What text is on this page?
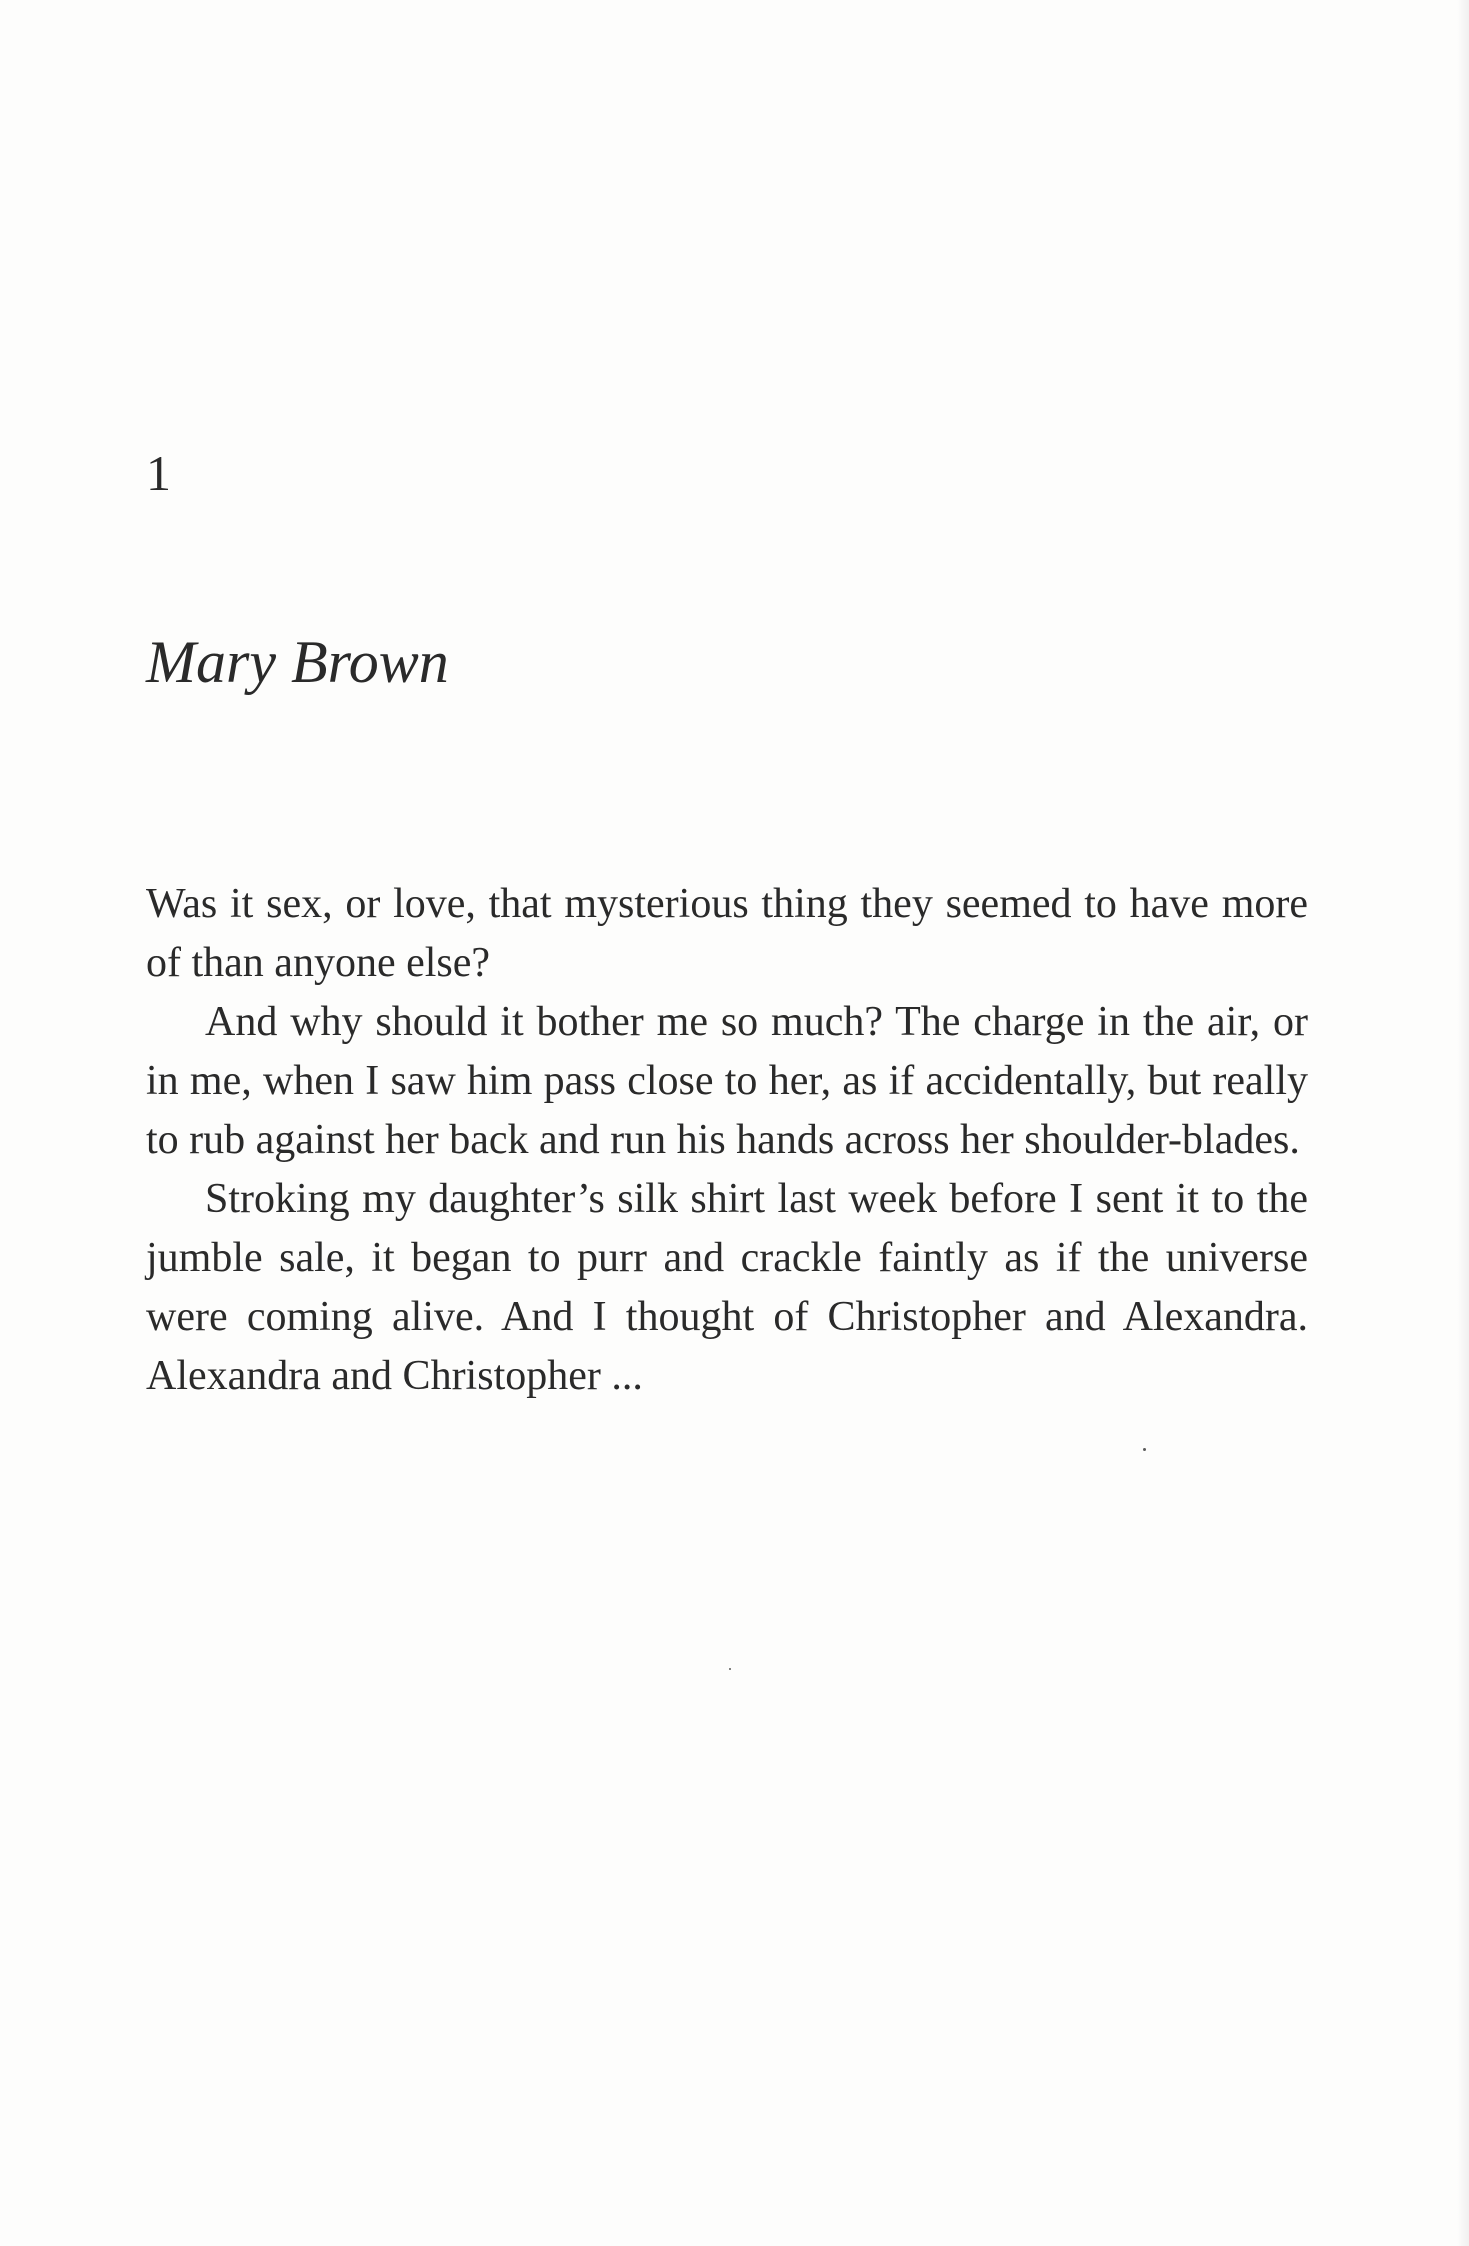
1
Mary Brown

Was it sex, or love, that mysterious thing they seemed to have more of than anyone else?

And why should it bother me so much? The charge in the air, or in me, when I saw him pass close to her, as if accidentally, but really to rub against her back and run his hands across her shoulder-blades.

Stroking my daughter’s silk shirt last week before I sent it to the jumble sale, it began to purr and crackle faintly as if the universe were coming alive. And I thought of Christopher and Alexandra. Alexandra and Christopher ...
